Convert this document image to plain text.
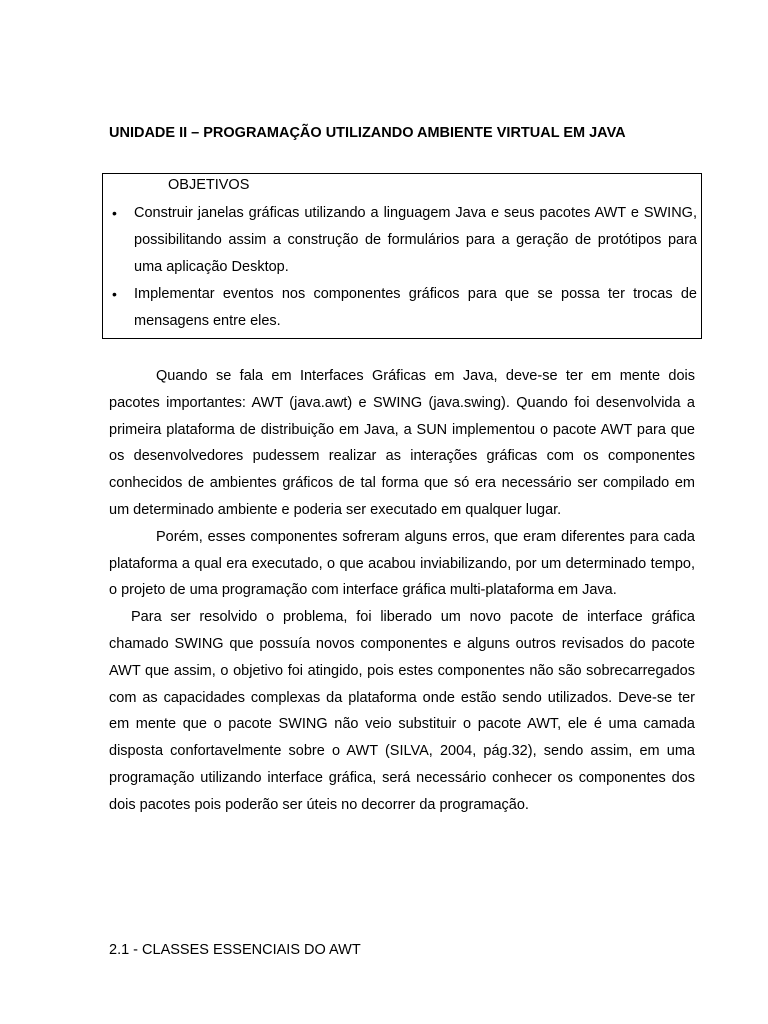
UNIDADE II – PROGRAMAÇÃO UTILIZANDO AMBIENTE VIRTUAL EM JAVA
OBJETIVOS
• Construir janelas gráficas utilizando a linguagem Java e seus pacotes AWT e SWING, possibilitando assim a construção de formulários para a geração de protótipos para uma aplicação Desktop.
• Implementar eventos nos componentes gráficos para que se possa ter trocas de mensagens entre eles.

Quando se fala em Interfaces Gráficas em Java, deve-se ter em mente dois pacotes importantes: AWT (java.awt) e SWING (java.swing). Quando foi desenvolvida a primeira plataforma de distribuição em Java, a SUN implementou o pacote AWT para que os desenvolvedores pudessem realizar as interações gráficas com os componentes conhecidos de ambientes gráficos de tal forma que só era necessário ser compilado em um determinado ambiente e poderia ser executado em qualquer lugar.

Porém, esses componentes sofreram alguns erros, que eram diferentes para cada plataforma a qual era executado, o que acabou inviabilizando, por um determinado tempo, o projeto de uma programação com interface gráfica multi-plataforma em Java.

Para ser resolvido o problema, foi liberado um novo pacote de interface gráfica chamado SWING que possuía novos componentes e alguns outros revisados do pacote AWT que assim, o objetivo foi atingido, pois estes componentes não são sobrecarregados com as capacidades complexas da plataforma onde estão sendo utilizados. Deve-se ter em mente que o pacote SWING não veio substituir o pacote AWT, ele é uma camada disposta confortavelmente sobre o AWT (SILVA, 2004, pág.32), sendo assim, em uma programação utilizando interface gráfica, será necessário conhecer os componentes dos dois pacotes pois poderão ser úteis no decorrer da programação.

2.1 - CLASSES ESSENCIAIS DO AWT
